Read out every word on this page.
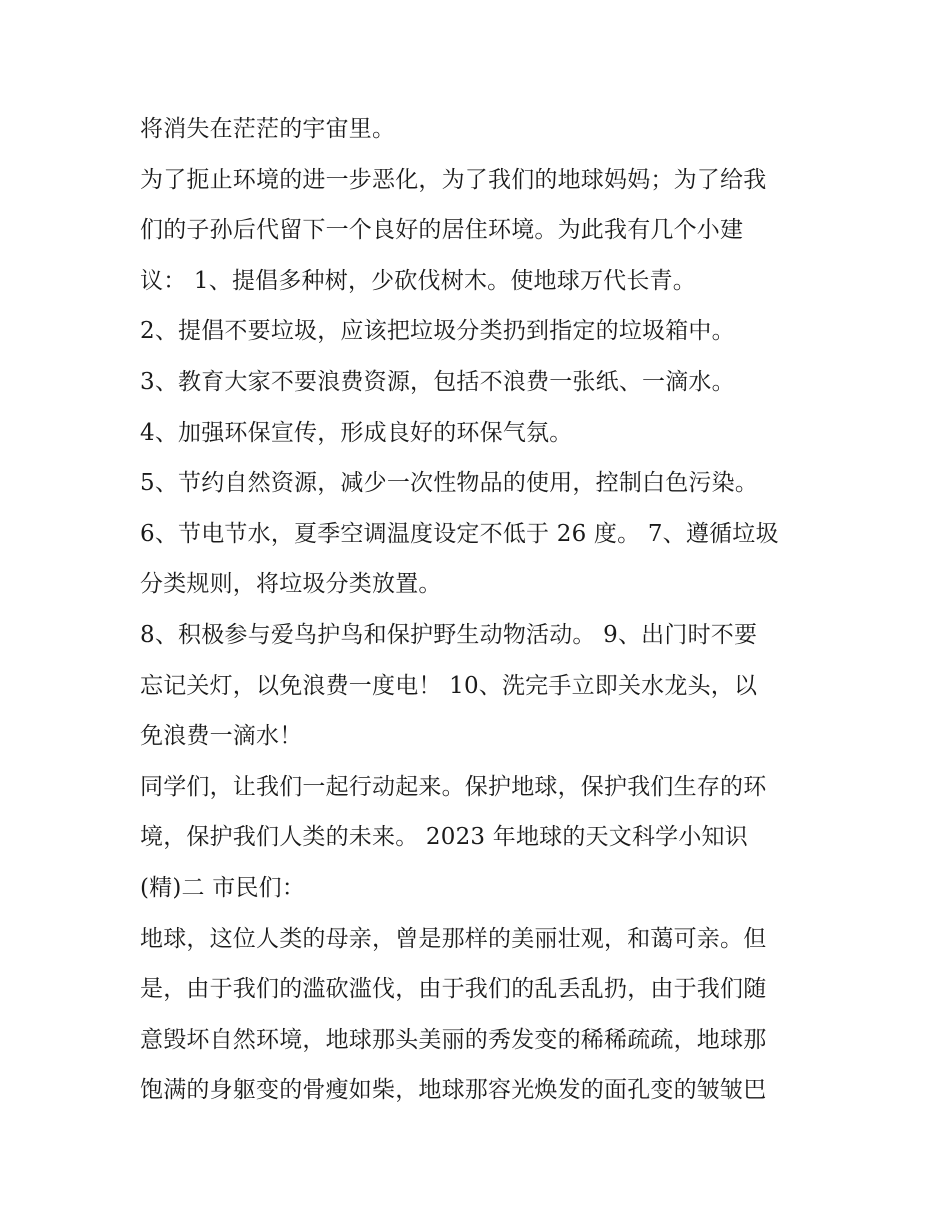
将消失在茫茫的宇宙里。
为了扼止环境的进一步恶化，为了我们的地球妈妈；为了给我
们的子孙后代留下一个良好的居住环境。为此我有几个小建
议： 1、提倡多种树，少砍伐树木。使地球万代长青。
2、提倡不要垃圾，应该把垃圾分类扔到指定的垃圾箱中。
3、教育大家不要浪费资源，包括不浪费一张纸、一滴水。
4、加强环保宣传，形成良好的环保气氛。
5、节约自然资源，减少一次性物品的使用，控制白色污染。
6、节电节水，夏季空调温度设定不低于 26 度。 7、遵循垃圾
分类规则，将垃圾分类放置。
8、积极参与爱鸟护鸟和保护野生动物活动。 9、出门时不要
忘记关灯，以免浪费一度电！ 10、洗完手立即关水龙头，以
免浪费一滴水！
同学们，让我们一起行动起来。保护地球，保护我们生存的环
境，保护我们人类的未来。 2023 年地球的天文科学小知识
(精)二 市民们：
地球，这位人类的母亲，曾是那样的美丽壮观，和蔼可亲。但
是，由于我们的滥砍滥伐，由于我们的乱丢乱扔，由于我们随
意毁坏自然环境，地球那头美丽的秀发变的稀稀疏疏，地球那
饱满的身躯变的骨瘦如柴，地球那容光焕发的面孔变的皱皱巴
